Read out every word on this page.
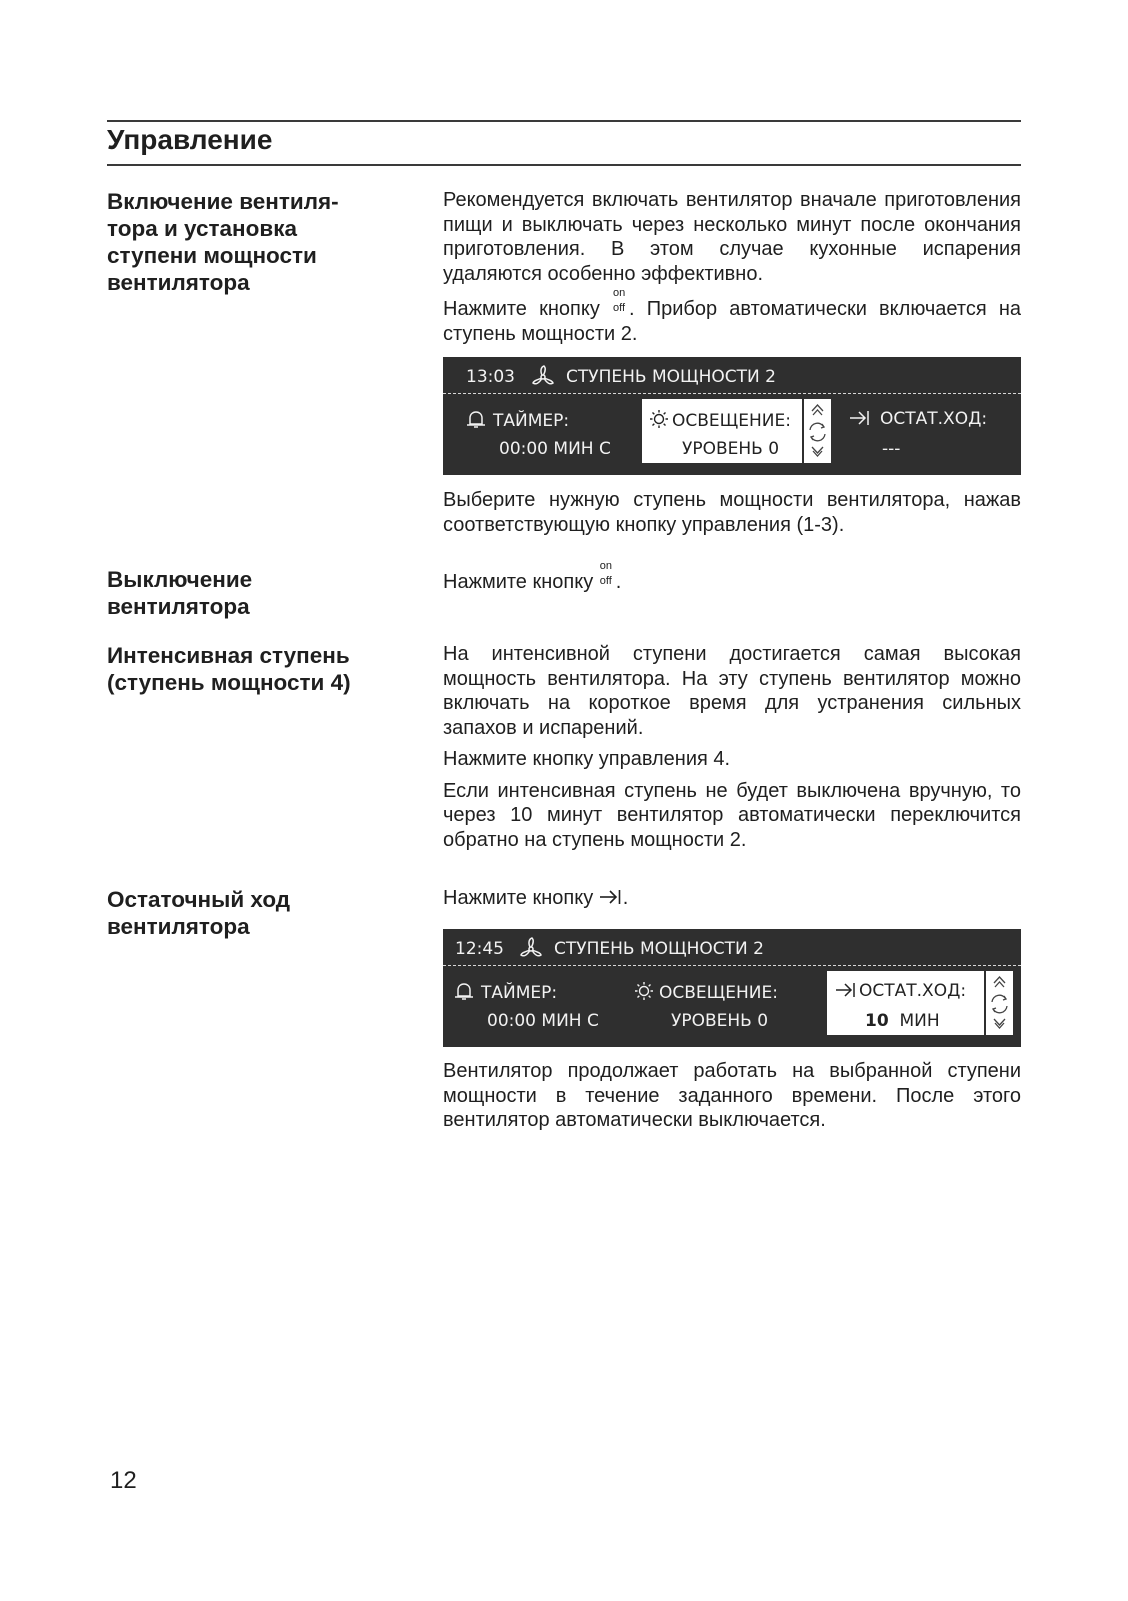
Управление
Включение вентиля-
тора и установка
ступени мощности
вентилятора

Рекомендуется включать вентилятор вначале приготовления пищи и выключать через несколько минут после окончания приготовления. В этом случае кухонные испарения удаляются особенно эффективно.

Нажмите кнопку
on
off . Прибор автоматически включается на ступень мощности 2.

13:03	СТУПЕНЬ МОЩНОСТИ 2
ТАЙМЕР:
00:00 МИН С
ОСВЕЩЕНИЕ:
УРОВЕНЬ 0
ОСТАТ.ХОД:
---
Выберите нужную ступень мощности вентилятора, нажав соответствующую кнопку управления (1-3).
Выключение
вентилятора
Нажмите кнопку
on
off .
Интенсивная ступень
(ступень мощности 4)

На интенсивной ступени достигается самая высокая мощность вентилятора. На эту ступень вентилятор можно включать на короткое время для устранения сильных запахов и испарений.

Нажмите кнопку управления 4.

Если интенсивная ступень не будет выключена вручную, то через 10 минут вентилятор автоматически переключится обратно на ступень мощности 2.

Остаточный ход
вентилятора
Нажмите кнопку .
12:45	СТУПЕНЬ МОЩНОСТИ 2
ТАЙМЕР:
00:00 МИН С
ОСВЕЩЕНИЕ:
УРОВЕНЬ 0
ОСТАТ.ХОД:
10 МИН
Вентилятор продолжает работать на выбранной ступени мощности в течение заданного времени. После этого вентилятор автоматически выключается.
12
